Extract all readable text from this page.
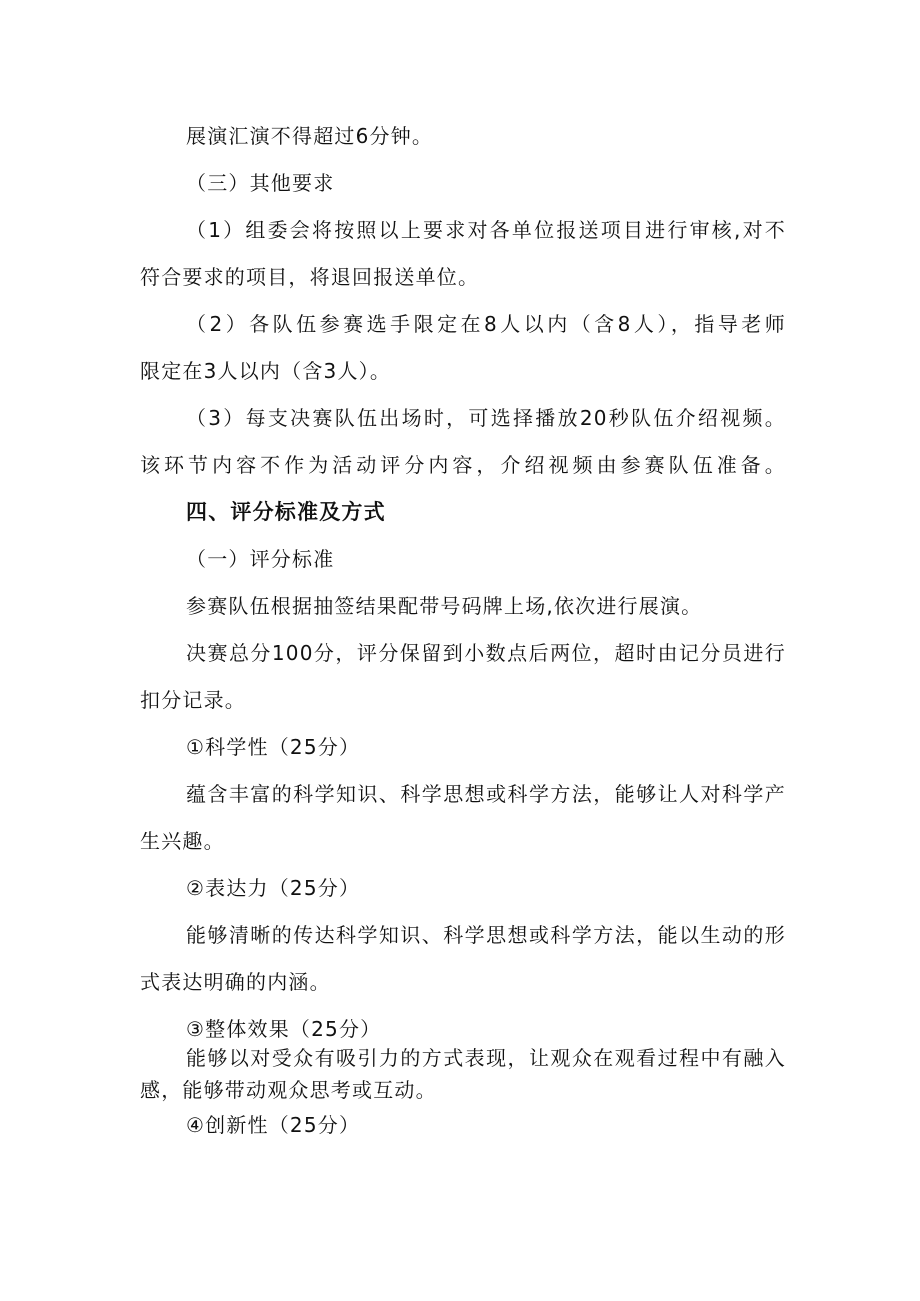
展演汇演不得超过6分钟。
（三）其他要求
（1）组委会将按照以上要求对各单位报送项目进行审核,对不
符合要求的项目，将退回报送单位。
（2）各队伍参赛选手限定在8人以内（含8人），指导老师
限定在3人以内（含3人）。
（3）每支决赛队伍出场时，可选择播放20秒队伍介绍视频。
该环节内容不作为活动评分内容，介绍视频由参赛队伍准备。
四、评分标准及方式
（一）评分标准
参赛队伍根据抽签结果配带号码牌上场,依次进行展演。
决赛总分100分，评分保留到小数点后两位，超时由记分员进行
扣分记录。
①科学性（25分）
蕴含丰富的科学知识、科学思想或科学方法，能够让人对科学产
生兴趣。
②表达力（25分）
能够清晰的传达科学知识、科学思想或科学方法，能以生动的形
式表达明确的内涵。
③整体效果（25分）
能够以对受众有吸引力的方式表现，让观众在观看过程中有融入
感，能够带动观众思考或互动。
④创新性（25分）
